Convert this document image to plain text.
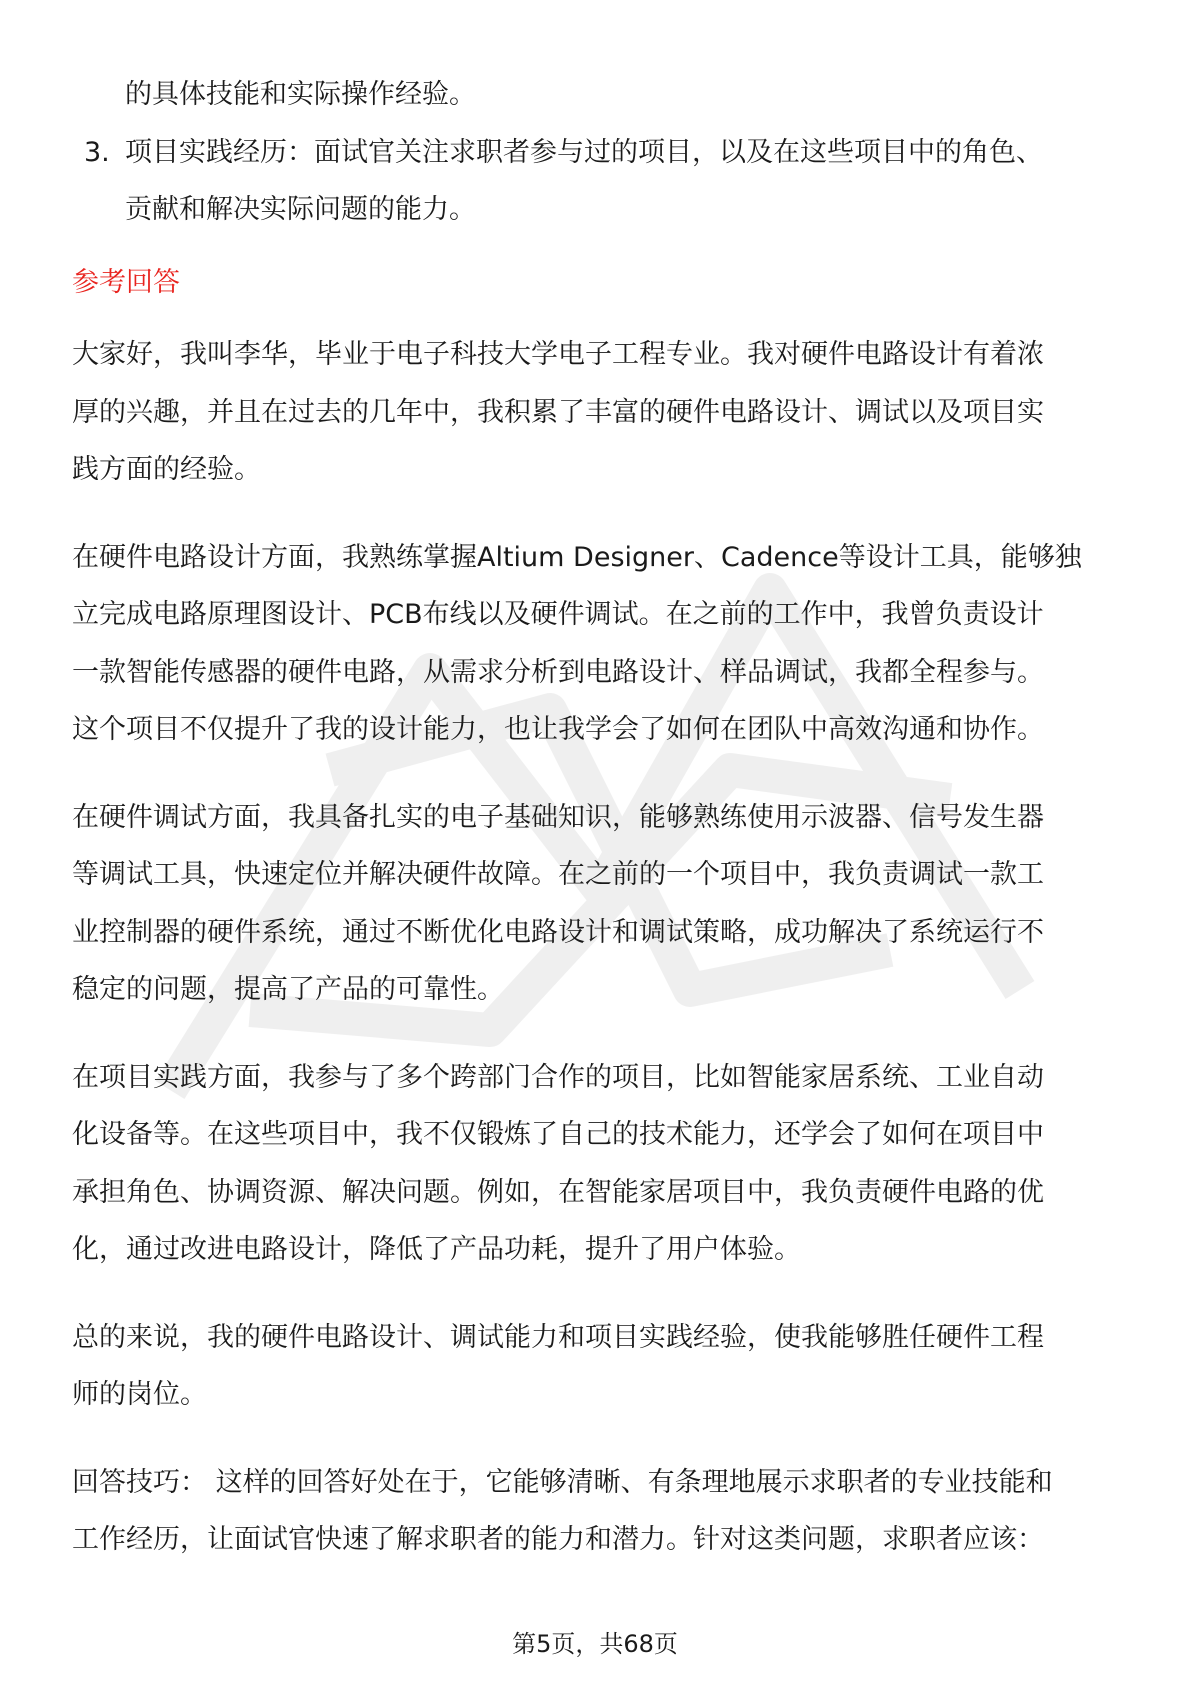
的具体技能和实际操作经验。
3. 项目实践经历：面试官关注求职者参与过的项目，以及在这些项目中的角色、
贡献和解决实际问题的能力。
参考回答
大家好，我叫李华，毕业于电子科技大学电子工程专业。我对硬件电路设计有着浓
厚的兴趣，并且在过去的几年中，我积累了丰富的硬件电路设计、调试以及项目实
践方面的经验。
在硬件电路设计方面，我熟练掌握Altium Designer、Cadence等设计工具，能够独
立完成电路原理图设计、PCB布线以及硬件调试。在之前的工作中，我曾负责设计
一款智能传感器的硬件电路，从需求分析到电路设计、样品调试，我都全程参与。
这个项目不仅提升了我的设计能力，也让我学会了如何在团队中高效沟通和协作。
在硬件调试方面，我具备扎实的电子基础知识，能够熟练使用示波器、信号发生器
等调试工具，快速定位并解决硬件故障。在之前的一个项目中，我负责调试一款工
业控制器的硬件系统，通过不断优化电路设计和调试策略，成功解决了系统运行不
稳定的问题，提高了产品的可靠性。
在项目实践方面，我参与了多个跨部门合作的项目，比如智能家居系统、工业自动
化设备等。在这些项目中，我不仅锻炼了自己的技术能力，还学会了如何在项目中
承担角色、协调资源、解决问题。例如，在智能家居项目中，我负责硬件电路的优
化，通过改进电路设计，降低了产品功耗，提升了用户体验。
总的来说，我的硬件电路设计、调试能力和项目实践经验，使我能够胜任硬件工程
师的岗位。
回答技巧： 这样的回答好处在于，它能够清晰、有条理地展示求职者的专业技能和
工作经历，让面试官快速了解求职者的能力和潜力。针对这类问题，求职者应该：
第5页，共68页
